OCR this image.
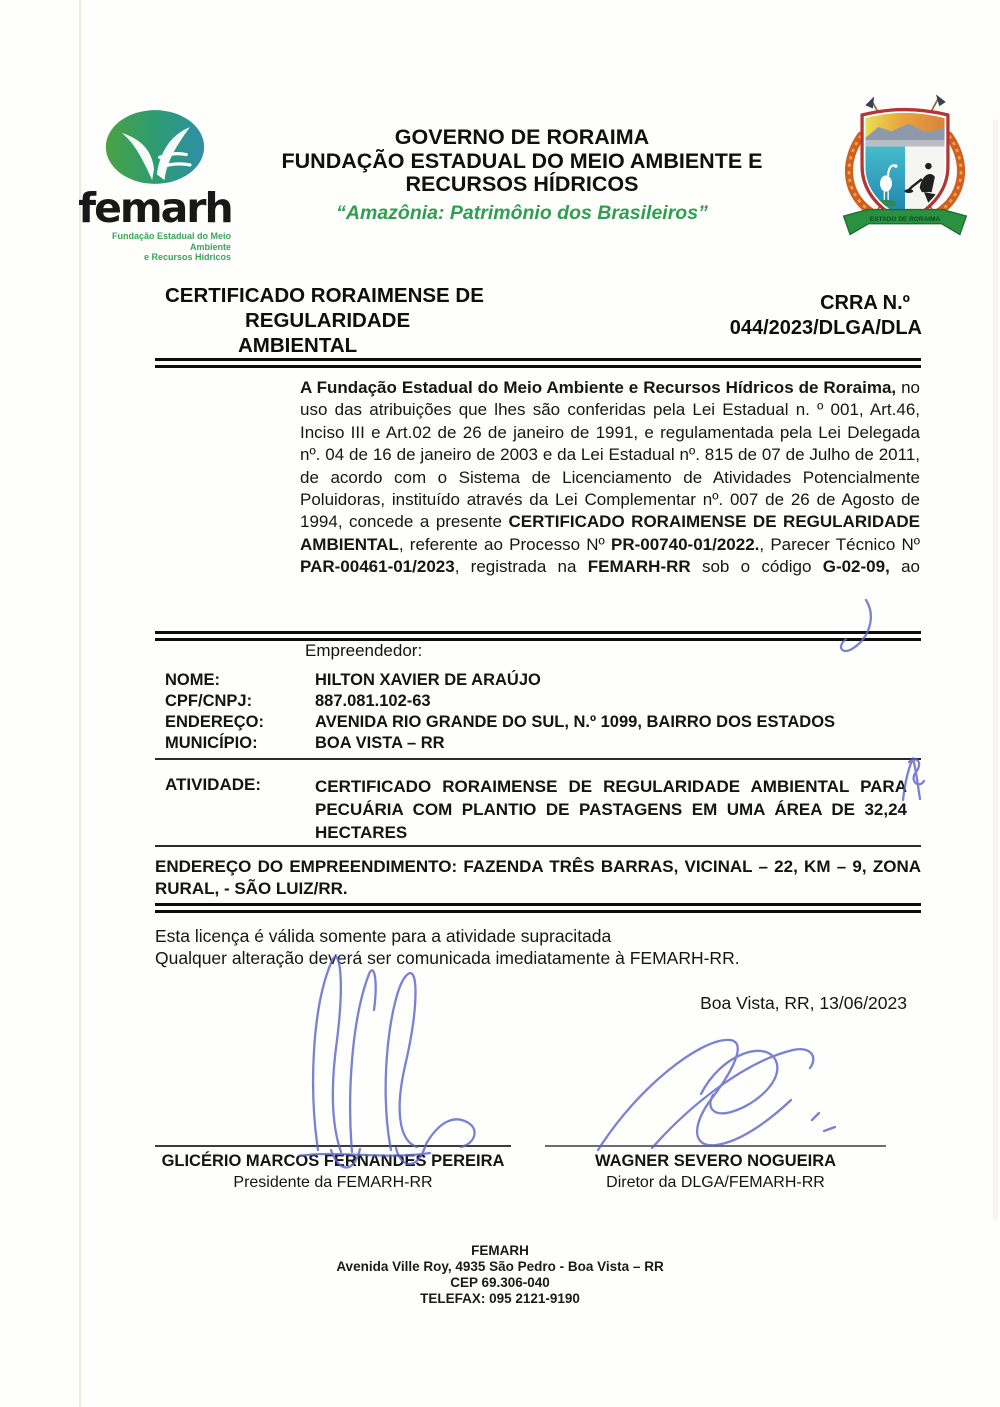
femarh
Fundação Estadual do Meio Ambiente
e Recursos Hídricos
GOVERNO DE RORAIMA
FUNDAÇÃO ESTADUAL DO MEIO AMBIENTE E
RECURSOS HÍDRICOS
“Amazônia: Patrimônio dos Brasileiros”	ESTADO DE RORAIMA
CERTIFICADO RORAIMENSE DE
REGULARIDADE
AMBIENTAL
CRRA N.º
044/2023/DLGA/DLA
A Fundação Estadual do Meio Ambiente e Recursos Hídricos de Roraima, no uso das atribuições que lhes são conferidas pela Lei Estadual n. º 001, Art.46, Inciso III e Art.02 de 26 de janeiro de 1991, e regulamentada pela Lei Delegada nº. 04 de 16 de janeiro de 2003 e da Lei Estadual nº. 815 de 07 de Julho de 2011, de acordo com o Sistema de Licenciamento de Atividades Potencialmente Poluidoras, instituído através da Lei Complementar nº. 007 de 26 de Agosto de 1994, concede a presente CERTIFICADO RORAIMENSE DE REGULARIDADE AMBIENTAL, referente ao Processo Nº PR-00740-01/2022., Parecer Técnico Nº PAR-00461-01/2023, registrada na FEMARH-RR sob o código G-02-09, ao
Empreendedor:
NOME:	HILTON XAVIER DE ARAÚJO
CPF/CNPJ:	887.081.102-63
ENDEREÇO:	AVENIDA RIO GRANDE DO SUL, N.º 1099, BAIRRO DOS ESTADOS
MUNICÍPIO:	BOA VISTA – RR
ATIVIDADE:	CERTIFICADO RORAIMENSE DE REGULARIDADE AMBIENTAL PARA PECUÁRIA COM PLANTIO DE PASTAGENS EM UMA ÁREA DE 32,24 HECTARES
ENDEREÇO DO EMPREENDIMENTO: FAZENDA TRÊS BARRAS, VICINAL – 22, KM – 9, ZONA RURAL, - SÃO LUIZ/RR.
Esta licença é válida somente para a atividade supracitada
Qualquer alteração deverá ser comunicada imediatamente à FEMARH-RR.
Boa Vista, RR, 13/06/2023
GLICÉRIO MARCOS FERNANDES PEREIRA
Presidente da FEMARH-RR
WAGNER SEVERO NOGUEIRA
Diretor da DLGA/FEMARH-RR
FEMARH
Avenida Ville Roy, 4935 São Pedro - Boa Vista – RR
CEP 69.306-040
TELEFAX: 095 2121-9190
